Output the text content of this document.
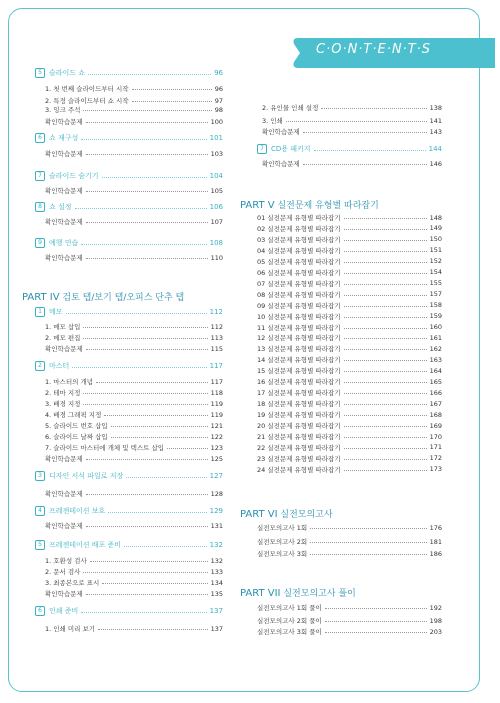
C·O·N·T·E·N·T·S
5	슬라이드 쇼	96
1. 첫 번째 슬라이드부터 시작	96
2. 특정 슬라이드부터 쇼 시작	97
3. 잉크 주석	98
확인학습문제	100
6	쇼 재구성	101
확인학습문제	103
7	슬라이드 숨기기	104
확인학습문제	105
8	쇼 설정	106
확인학습문제	107
9	예행 연습	108
확인학습문제	110
PART IV 검토 탭/보기 탭/오피스 단추 탭
1	메모	112
1. 메모 삽입	112
2. 메모 편집	113
확인학습문제	115
2	마스터	117
1. 마스터의 개념	117
2. 테마 지정	118
3. 배경 지정	119
4. 배경 그래픽 지정	119
5. 슬라이드 번호 삽입	121
6. 슬라이드 날짜 삽입	122
7. 슬라이드 마스터에 개체 및 텍스트 삽입	123
확인학습문제	125
3	디자인 서식 파일로 저장	127
확인학습문제	128
4	프레젠테이션 보호	129
확인학습문제	131
5	프레젠테이션 배포 준비	132
1. 호환성 검사	132
2. 문서 검사	133
3. 최종본으로 표시	134
확인학습문제	135
6	인쇄 준비	137
1. 인쇄 미리 보기	137
2. 유인물 인쇄 설정	138
3. 인쇄	141
확인학습문제	143
7	CD용 패키지	144
확인학습문제	146
PART V 실전문제 유형별 따라잡기
01 실전문제 유형별 따라잡기	148
02 실전문제 유형별 따라잡기	149
03 실전문제 유형별 따라잡기	150
04 실전문제 유형별 따라잡기	151
05 실전문제 유형별 따라잡기	152
06 실전문제 유형별 따라잡기	154
07 실전문제 유형별 따라잡기	155
08 실전문제 유형별 따라잡기	157
09 실전문제 유형별 따라잡기	158
10 실전문제 유형별 따라잡기	159
11 실전문제 유형별 따라잡기	160
12 실전문제 유형별 따라잡기	161
13 실전문제 유형별 따라잡기	162
14 실전문제 유형별 따라잡기	163
15 실전문제 유형별 따라잡기	164
16 실전문제 유형별 따라잡기	165
17 실전문제 유형별 따라잡기	166
18 실전문제 유형별 따라잡기	167
19 실전문제 유형별 따라잡기	168
20 실전문제 유형별 따라잡기	169
21 실전문제 유형별 따라잡기	170
22 실전문제 유형별 따라잡기	171
23 실전문제 유형별 따라잡기	172
24 실전문제 유형별 따라잡기	173
PART VI 실전모의고사
실전모의고사 1회	176
실전모의고사 2회	181
실전모의고사 3회	186
PART VII 실전모의고사 풀이
실전모의고사 1회 풀이	192
실전모의고사 2회 풀이	198
실전모의고사 3회 풀이	203
